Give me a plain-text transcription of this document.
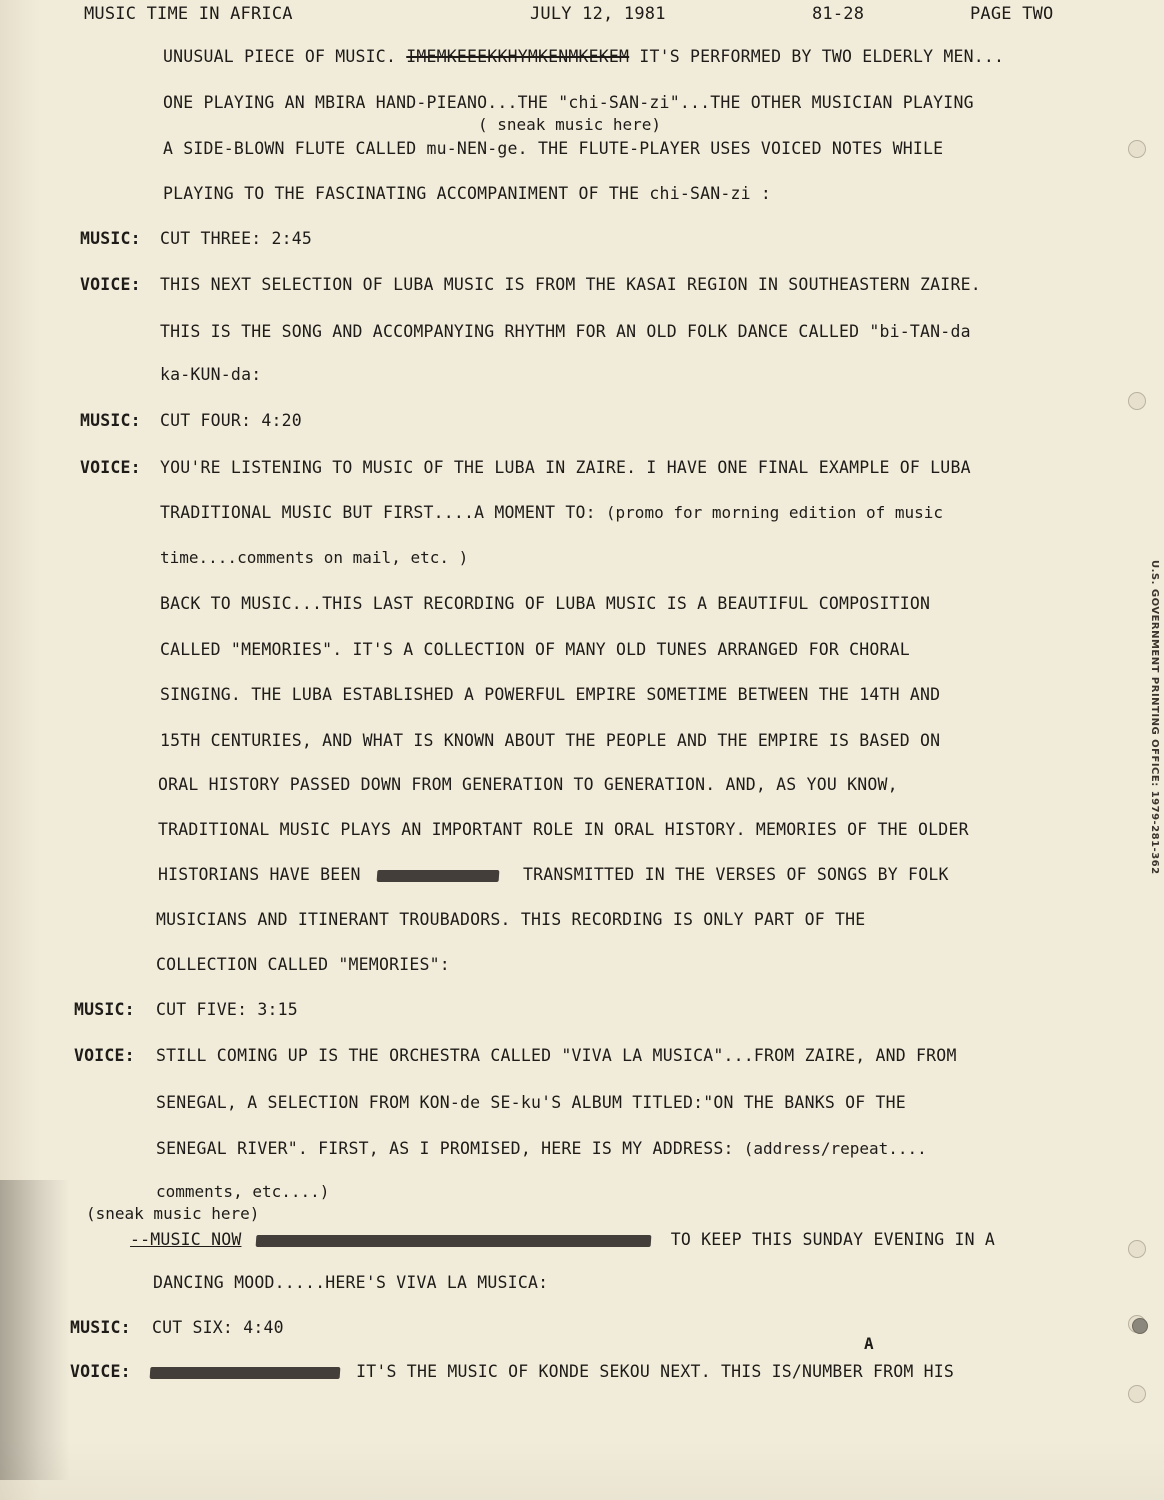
MUSIC TIME IN AFRICA	JULY 12, 1981	81-28	PAGE TWO
UNUSUAL PIECE OF MUSIC. IMEMKEEEKKHYMKENMKEKEM IT'S PERFORMED BY TWO ELDERLY MEN...
ONE PLAYING AN MBIRA HAND-PIEANO...THE "chi-SAN-zi"...THE OTHER MUSICIAN PLAYING
( sneak music here)
A SIDE-BLOWN FLUTE CALLED mu-NEN-ge. THE FLUTE-PLAYER USES VOICED NOTES WHILE
PLAYING TO THE FASCINATING ACCOMPANIMENT OF THE chi-SAN-zi :
MUSIC: CUT THREE: 2:45
VOICE: THIS NEXT SELECTION OF LUBA MUSIC IS FROM THE KASAI REGION IN SOUTHEASTERN ZAIRE.
THIS IS THE SONG AND ACCOMPANYING RHYTHM FOR AN OLD FOLK DANCE CALLED "bi-TAN-da
ka-KUN-da:
MUSIC: CUT FOUR: 4:20
VOICE: YOU'RE LISTENING TO MUSIC OF THE LUBA IN ZAIRE. I HAVE ONE FINAL EXAMPLE OF LUBA
TRADITIONAL MUSIC BUT FIRST....A MOMENT TO: (promo for morning edition of music
time....comments on mail, etc. )
BACK TO MUSIC...THIS LAST RECORDING OF LUBA MUSIC IS A BEAUTIFUL COMPOSITION
CALLED "MEMORIES". IT'S A COLLECTION OF MANY OLD TUNES ARRANGED FOR CHORAL
SINGING. THE LUBA ESTABLISHED A POWERFUL EMPIRE SOMETIME BETWEEN THE 14TH AND
15TH CENTURIES, AND WHAT IS KNOWN ABOUT THE PEOPLE AND THE EMPIRE IS BASED ON
ORAL HISTORY PASSED DOWN FROM GENERATION TO GENERATION. AND, AS YOU KNOW,
TRADITIONAL MUSIC PLAYS AN IMPORTANT ROLE IN ORAL HISTORY. MEMORIES OF THE OLDER
HISTORIANS HAVE BEEN	TRANSMITTED IN THE VERSES OF SONGS BY FOLK
MUSICIANS AND ITINERANT TROUBADORS. THIS RECORDING IS ONLY PART OF THE
COLLECTION CALLED "MEMORIES":
MUSIC: CUT FIVE: 3:15
VOICE: STILL COMING UP IS THE ORCHESTRA CALLED "VIVA LA MUSICA"...FROM ZAIRE, AND FROM
SENEGAL, A SELECTION FROM KON-de SE-ku'S ALBUM TITLED:"ON THE BANKS OF THE
SENEGAL RIVER". FIRST, AS I PROMISED, HERE IS MY ADDRESS: (address/repeat....
comments, etc....)
(sneak music here)
--MUSIC NOW	TO KEEP THIS SUNDAY EVENING IN A
DANCING MOOD.....HERE'S VIVA LA MUSICA:
MUSIC: CUT SIX: 4:40
A
VOICE:	IT'S THE MUSIC OF KONDE SEKOU NEXT. THIS IS/NUMBER FROM HIS
U.S. GOVERNMENT PRINTING OFFICE: 1979-281-362
